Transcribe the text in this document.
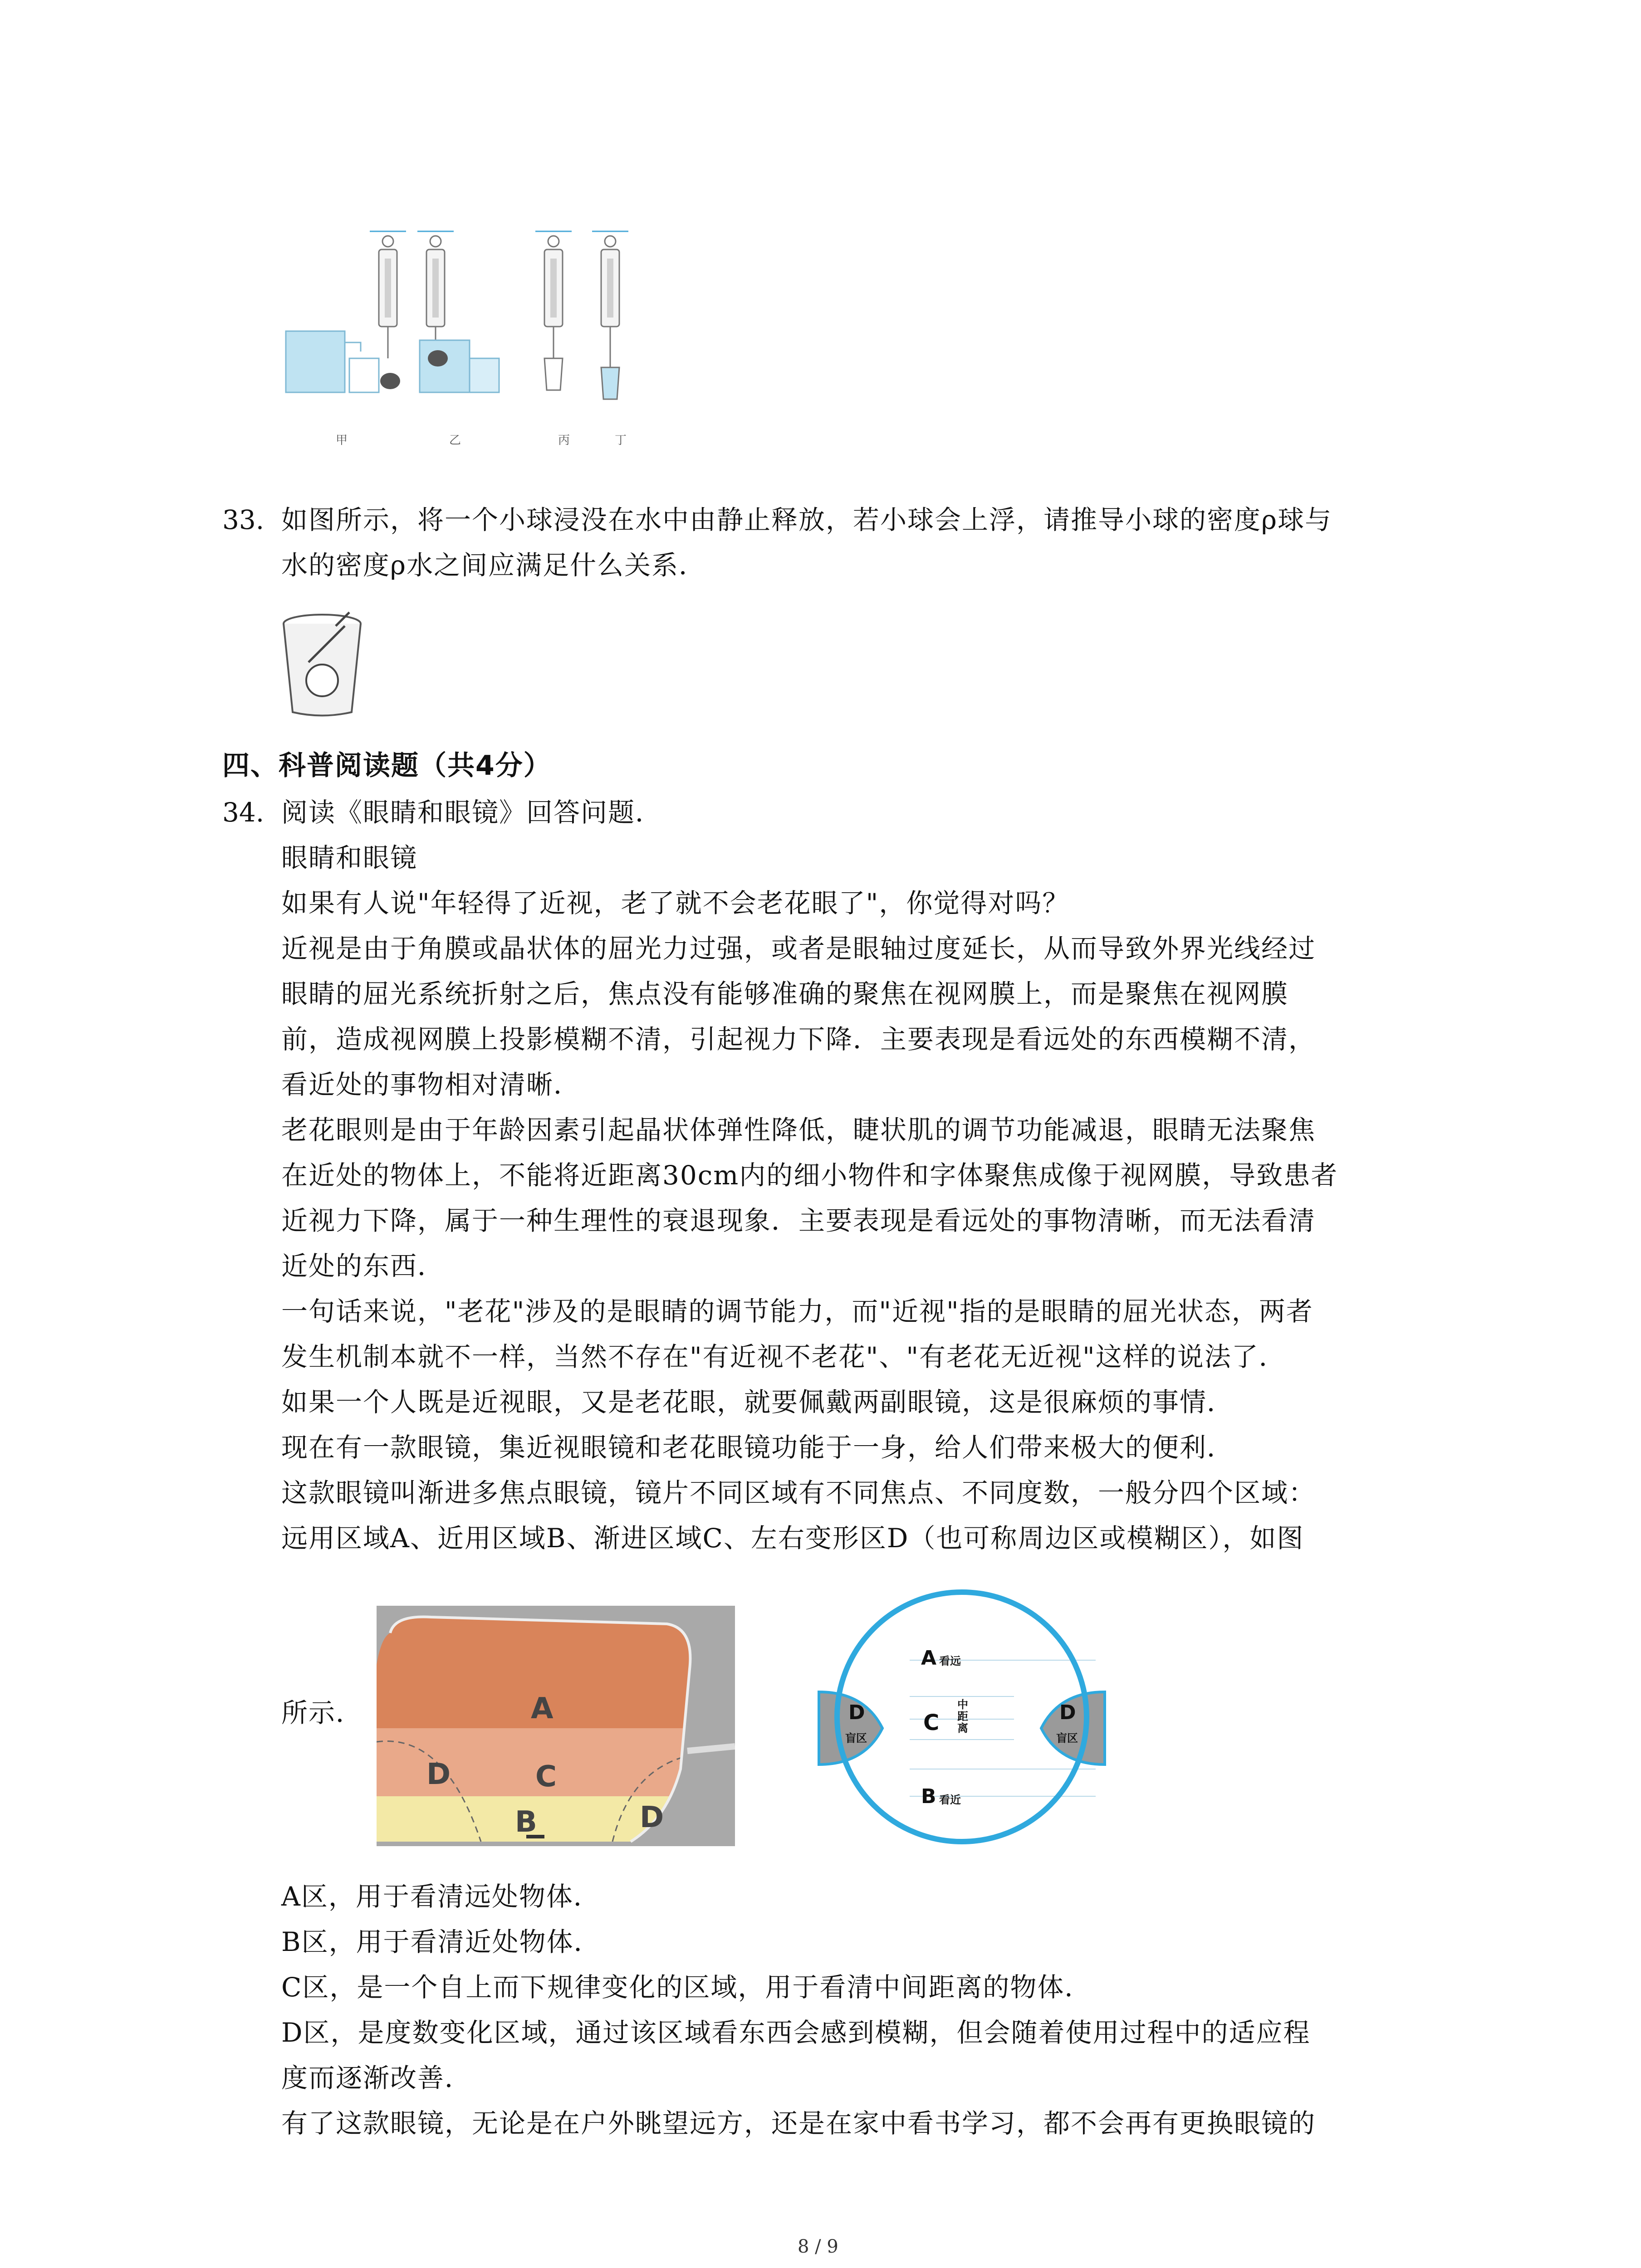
甲	乙	丙	丁
33. 如图所示，将一个小球浸没在水中由静止释放，若小球会上浮，请推导小球的密度ρ球与
水的密度ρ水之间应满足什么关系．
四、科普阅读题（共4分）
34. 阅读《眼睛和眼镜》回答问题．
眼睛和眼镜
如果有人说"年轻得了近视，老了就不会老花眼了"，你觉得对吗？
近视是由于角膜或晶状体的屈光力过强，或者是眼轴过度延长，从而导致外界光线经过
眼睛的屈光系统折射之后，焦点没有能够准确的聚焦在视网膜上，而是聚焦在视网膜
前，造成视网膜上投影模糊不清，引起视力下降．主要表现是看远处的东西模糊不清，
看近处的事物相对清晰．
老花眼则是由于年龄因素引起晶状体弹性降低，睫状肌的调节功能减退，眼睛无法聚焦
在近处的物体上，不能将近距离30cm内的细小物件和字体聚焦成像于视网膜，导致患者
近视力下降，属于一种生理性的衰退现象．主要表现是看远处的事物清晰，而无法看清
近处的东西．
一句话来说，"老花"涉及的是眼睛的调节能力，而"近视"指的是眼睛的屈光状态，两者
发生机制本就不一样，当然不存在"有近视不老花"、"有老花无近视"这样的说法了．
如果一个人既是近视眼，又是老花眼，就要佩戴两副眼镜，这是很麻烦的事情．
现在有一款眼镜，集近视眼镜和老花眼镜功能于一身，给人们带来极大的便利．
这款眼镜叫渐进多焦点眼镜，镜片不同区域有不同焦点、不同度数，一般分四个区域：
远用区域A、近用区域B、渐进区域C、左右变形区D（也可称周边区或模糊区），如图
所示．	A
C
D
D
B
A 看远
B 看近
C
中距离
D
盲区
D
盲区
A区，用于看清远处物体．
B区，用于看清近处物体．
C区，是一个自上而下规律变化的区域，用于看清中间距离的物体．
D区，是度数变化区域，通过该区域看东西会感到模糊，但会随着使用过程中的适应程
度而逐渐改善．
有了这款眼镜，无论是在户外眺望远方，还是在家中看书学习，都不会再有更换眼镜的
8 / 9
